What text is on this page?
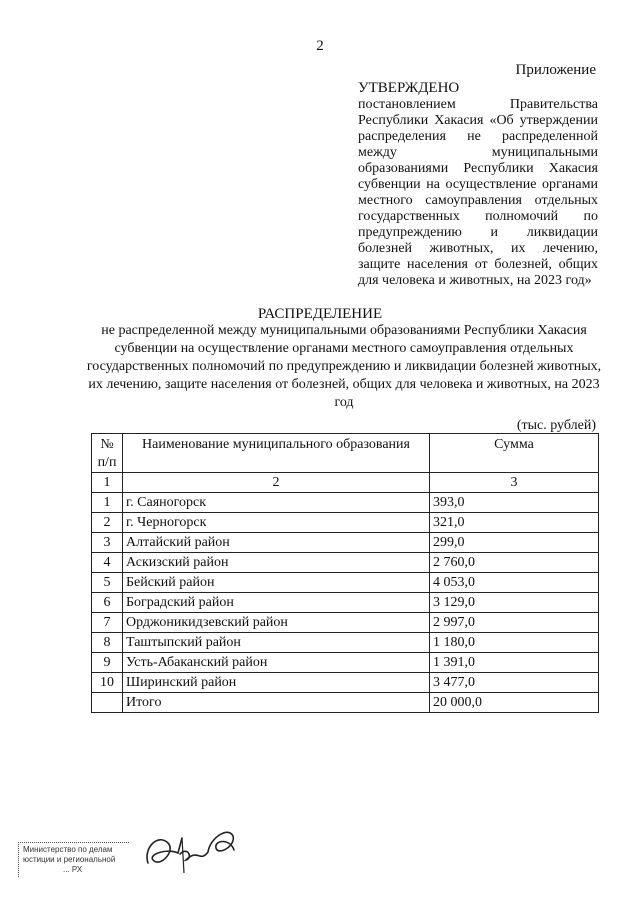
2
Приложение
УТВЕРЖДЕНО
постановлением Правительства Республики Хакасия «Об утверждении распределения не распределенной между муниципальными образованиями Республики Хакасия субвенции на осуществление органами местного самоуправления отдельных государственных полномочий по предупреждению и ликвидации болезней животных, их лечению, защите населения от болезней, общих для человека и животных, на 2023 год»
РАСПРЕДЕЛЕНИЕ
не распределенной между муниципальными образованиями Республики Хакасия субвенции на осуществление органами местного самоуправления отдельных государственных полномочий по предупреждению и ликвидации болезней животных, их лечению, защите населения от болезней, общих для человека и животных, на 2023 год
(тыс. рублей)
№ п/п	Наименование муниципального образования	Сумма
1	2	3
1	г. Саяногорск	393,0
2	г. Черногорск	321,0
3	Алтайский район	299,0
4	Аскизский район	2 760,0
5	Бейский район	4 053,0
6	Боградский район	3 129,0
7	Орджоникидзевский район	2 997,0
8	Таштыпский район	1 180,0
9	Усть-Абаканский район	1 391,0
10	Ширинский район	3 477,0
	Итого	20 000,0
Министерство по делам
юстиции и региональной
... РХ
